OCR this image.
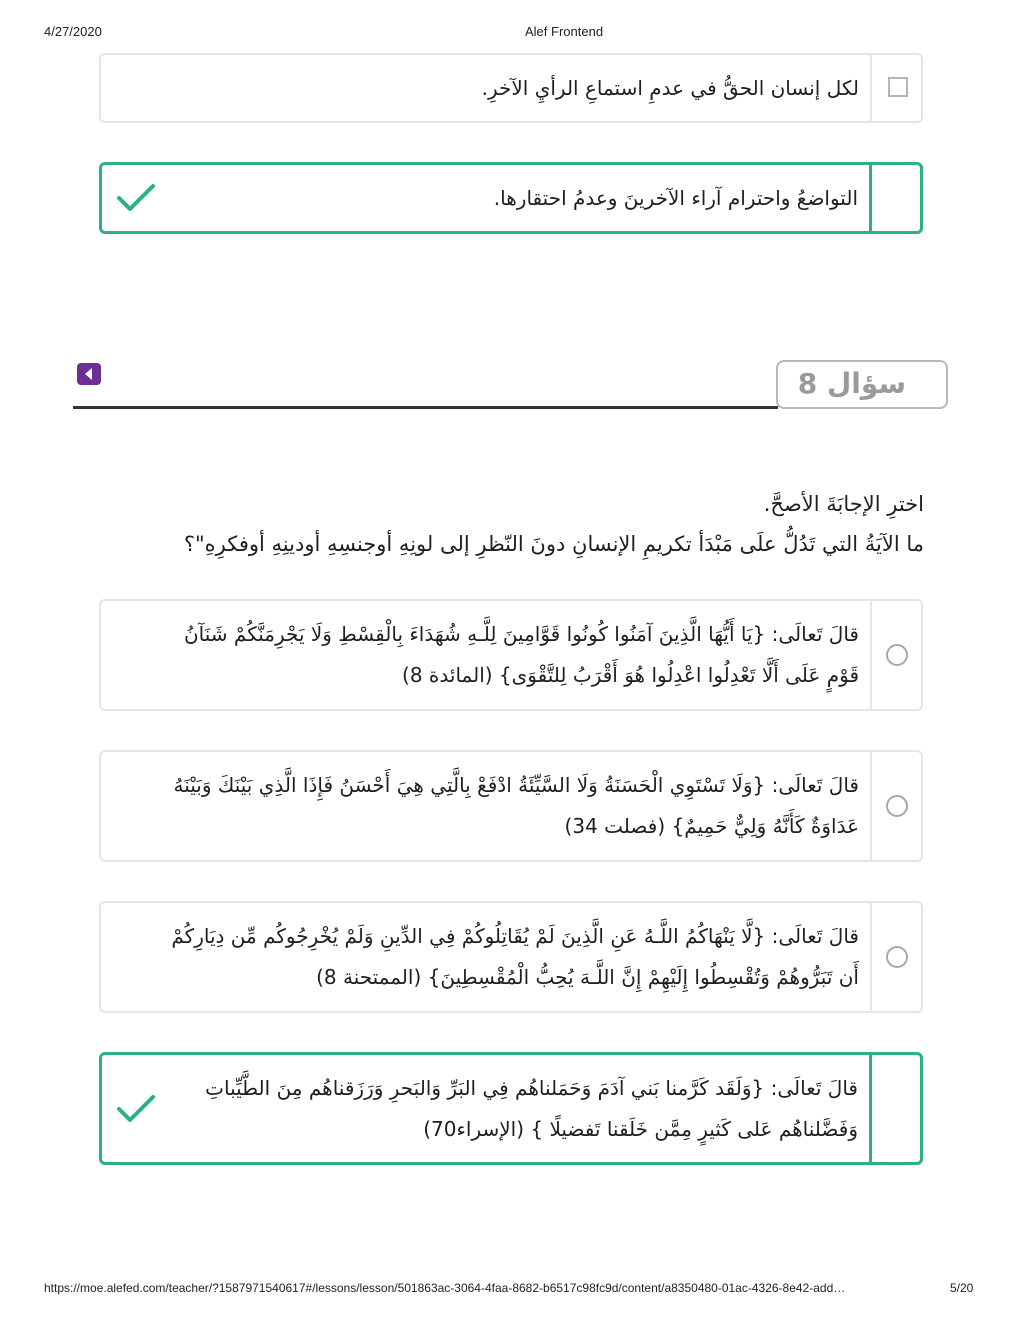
4/27/2020	Alef Frontend
لكل إنسان الحقُّ في عدمِ استماعِ الرأيِ الآخرِ.
التواضعُ واحترام آراء الآخرينَ وعدمُ احتقارها.
سؤال 8
اخترِ الإجابَةَ الأصحَّ.
ما الآيَةُ التي تَدُلُّ علَى مَبْدَأ تكريمِ الإنسانِ دونَ النّظرِ إلى لونِهِ أوجنسِهِ أودينِهِ أوفكرِهِ"؟
قالَ تَعالَى: {يَا أَيُّهَا الَّذِينَ آمَنُوا كُونُوا قَوَّامِينَ لِلَّـهِ شُهَدَاءَ بِالْقِسْطِ وَلَا يَجْرِمَنَّكُمْ شَنَآنُ قَوْمٍ عَلَى أَلَّا تَعْدِلُوا اعْدِلُوا هُوَ أَقْرَبُ لِلتَّقْوَى} (المائدة 8)
قالَ تَعالَى: {وَلَا تَسْتَوِي الْحَسَنَةُ وَلَا السَّيِّئَةُ ادْفَعْ بِالَّتِي هِيَ أَحْسَنُ فَإِذَا الَّذِي بَيْنَكَ وَبَيْنَهُ عَدَاوَةٌ كَأَنَّهُ وَلِيٌّ حَمِيمٌ} (فصلت 34)
قالَ تَعالَى: {لَّا يَنْهَاكُمُ اللَّـهُ عَنِ الَّذِينَ لَمْ يُقَاتِلُوكُمْ فِي الدِّينِ وَلَمْ يُخْرِجُوكُم مِّن دِيَارِكُمْ أَن تَبَرُّوهُمْ وَتُقْسِطُوا إِلَيْهِمْ إِنَّ اللَّـهَ يُحِبُّ الْمُقْسِطِينَ} (الممتحنة 8)
قالَ تَعالَى: {وَلَقَد كَرَّمنا بَني آدَمَ وَحَمَلناهُم فِي البَرِّ وَالبَحرِ وَرَزَقناهُم مِنَ الطَّيِّباتِ وَفَضَّلناهُم عَلى كَثيرٍ مِمَّن خَلَقنا تَفضيلًا } (الإسراء70)
https://moe.alefed.com/teacher/?1587971540617#/lessons/lesson/501863ac-3064-4faa-8682-b6517c98fc9d/content/a8350480-01ac-4326-8e42-add…	5/20
